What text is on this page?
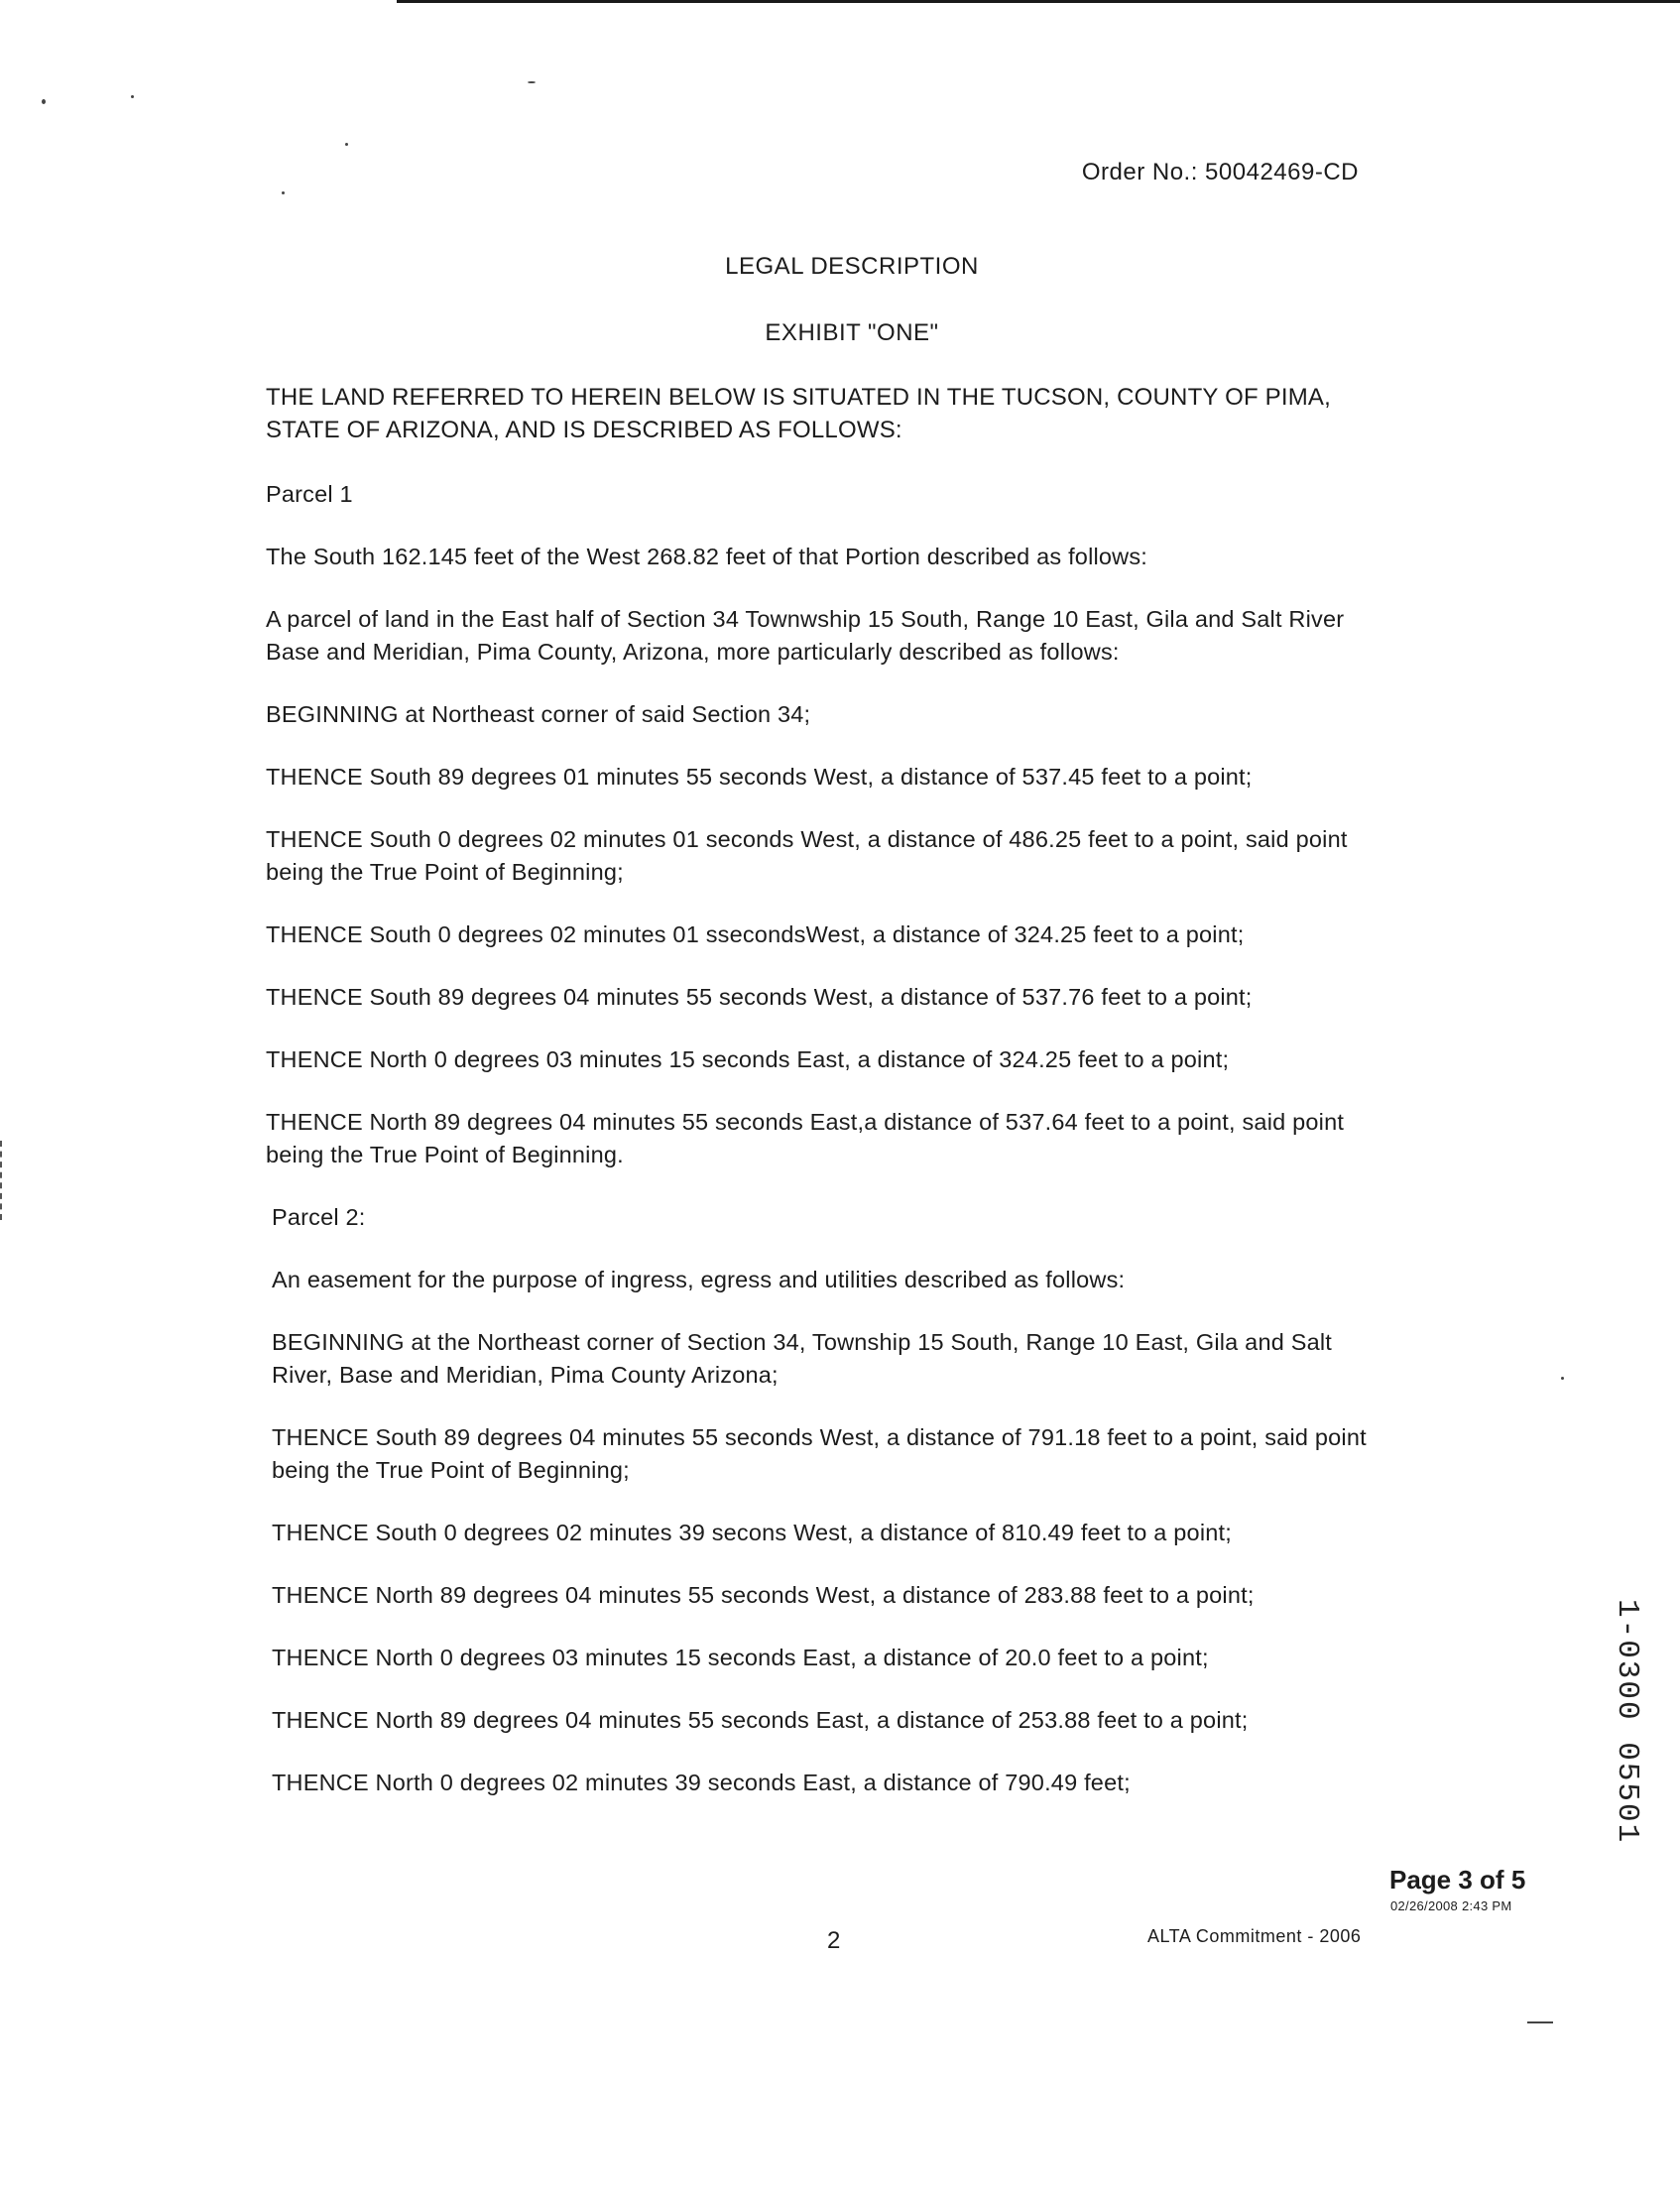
Order No.: 50042469-CD
LEGAL DESCRIPTION
EXHIBIT "ONE"

THE LAND REFERRED TO HEREIN BELOW IS SITUATED IN THE TUCSON, COUNTY OF PIMA, STATE OF ARIZONA, AND IS DESCRIBED AS FOLLOWS:

Parcel 1

The South 162.145 feet of the West 268.82 feet of that Portion described as follows:

A parcel of land in the East half of Section 34 Townwship 15 South, Range 10 East, Gila and Salt River Base and Meridian, Pima County, Arizona, more particularly described as follows:

BEGINNING at Northeast corner of said Section 34;

THENCE South 89 degrees 01 minutes 55 seconds West, a distance of 537.45 feet to a point;

THENCE South 0 degrees 02 minutes 01 seconds West, a distance of 486.25 feet to a point, said point being the True Point of Beginning;

THENCE South 0 degrees 02 minutes 01 ssecondsWest, a distance of 324.25 feet to a point;

THENCE South 89 degrees 04 minutes 55 seconds West, a distance of 537.76 feet to a point;

THENCE North 0 degrees 03 minutes 15 seconds East, a distance of 324.25 feet to a point;

THENCE North 89 degrees 04 minutes 55 seconds East,a distance of 537.64 feet to a point, said point being the True Point of Beginning.

Parcel 2:

An easement for the purpose of ingress, egress and utilities described as follows:

BEGINNING at the Northeast corner of Section 34, Township 15 South, Range 10 East, Gila and Salt River, Base and Meridian, Pima County Arizona;

THENCE South 89 degrees 04 minutes 55 seconds West, a distance of 791.18 feet to a point, said point being the True Point of Beginning;

THENCE South 0 degrees 02 minutes 39 secons West, a distance of 810.49 feet to a point;

THENCE North 89 degrees 04 minutes 55 seconds West, a distance of 283.88 feet to a point;

THENCE North 0 degrees 03 minutes 15 seconds East, a distance of 20.0 feet to a point;

THENCE North 89 degrees 04 minutes 55 seconds East, a distance of 253.88 feet to a point;

THENCE North 0 degrees 02 minutes 39 seconds East, a distance of 790.49 feet;

Page 3 of 5
02/26/2008 2:43 PM
2	ALTA Commitment - 2006
1-0300 05501
